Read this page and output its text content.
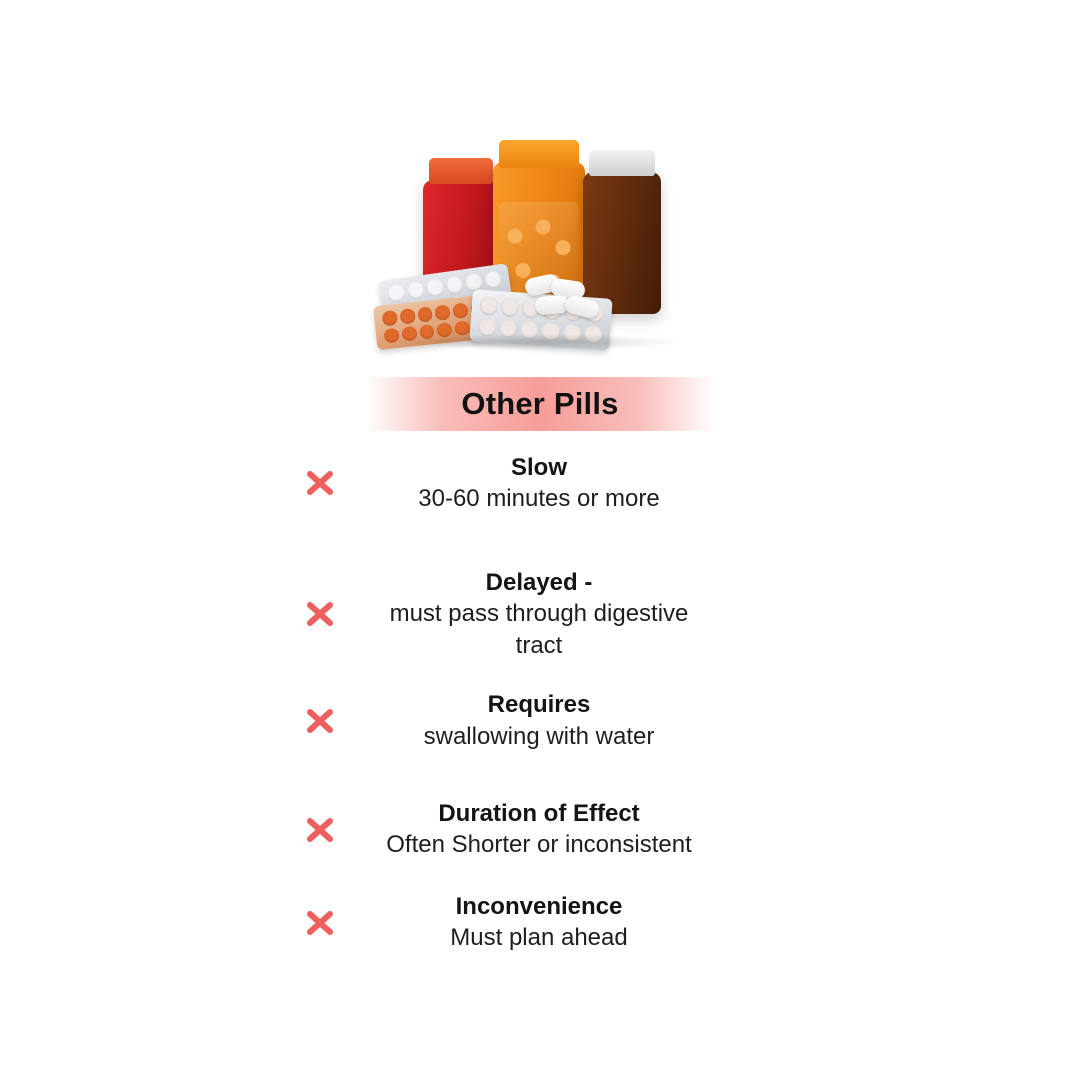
Other Pills
Slow
30-60 minutes or more
Delayed -
must pass through digestive tract
Requires
swallowing with water
Duration of Effect
Often Shorter or inconsistent
Inconvenience
Must plan ahead
